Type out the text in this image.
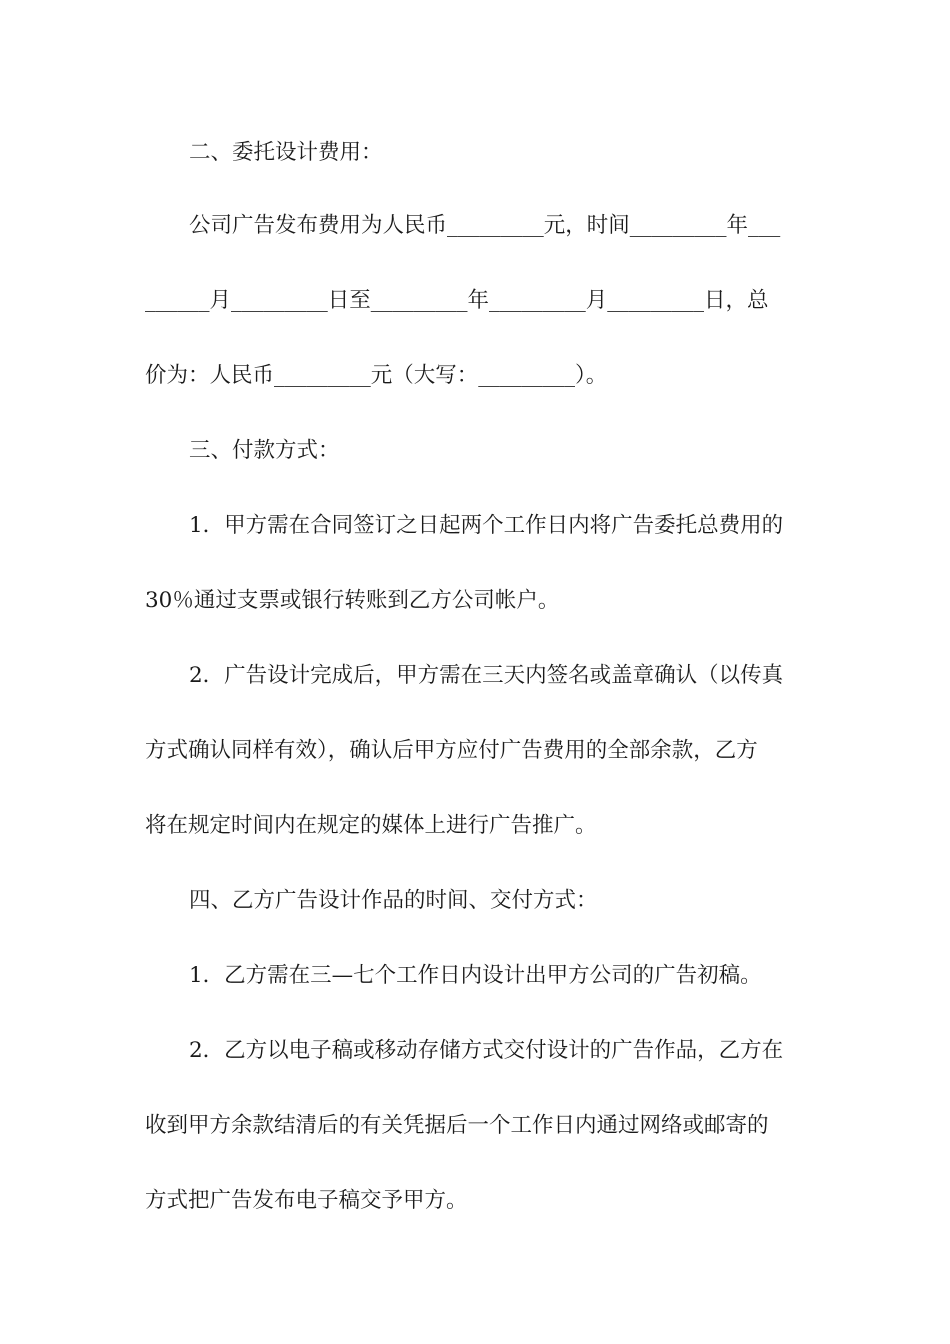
二、委托设计费用：
公司广告发布费用为人民币_________元，时间_________年___
______月_________日至_________年_________月_________日，总
价为：人民币_________元（大写：_________）。
三、付款方式：
1．甲方需在合同签订之日起两个工作日内将广告委托总费用的
30％通过支票或银行转账到乙方公司帐户。
2．广告设计完成后，甲方需在三天内签名或盖章确认（以传真
方式确认同样有效），确认后甲方应付广告费用的全部余款，乙方
将在规定时间内在规定的媒体上进行广告推广。
四、乙方广告设计作品的时间、交付方式：
1．乙方需在三—七个工作日内设计出甲方公司的广告初稿。
2．乙方以电子稿或移动存储方式交付设计的广告作品，乙方在
收到甲方余款结清后的有关凭据后一个工作日内通过网络或邮寄的
方式把广告发布电子稿交予甲方。
